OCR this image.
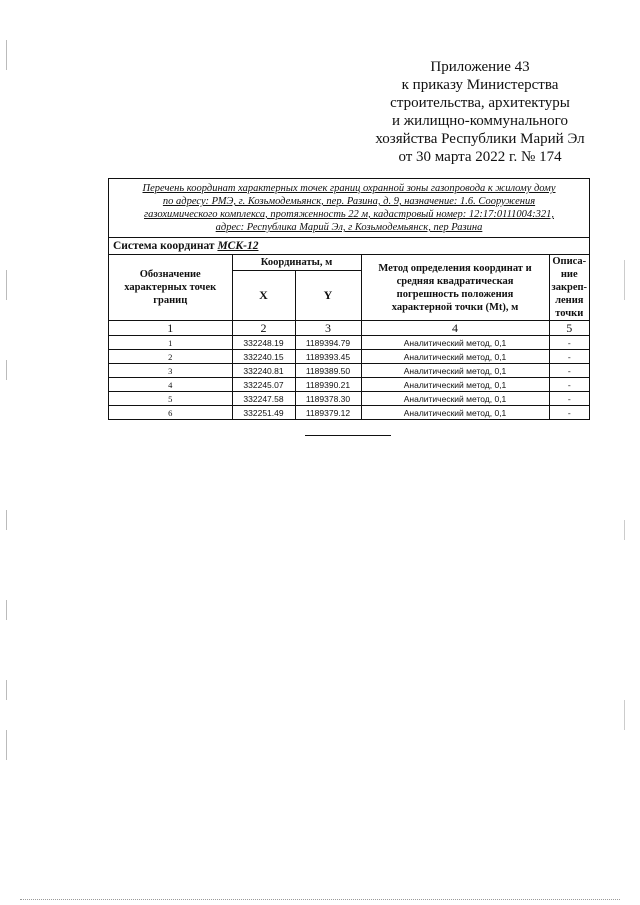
Приложение 43
к приказу Министерства
строительства, архитектуры
и жилищно-коммунального
хозяйства Республики Марий Эл
от 30 марта 2022 г. № 174
Перечень координат характерных точек границ охранной зоны газопровода к жилому дому
по адресу: РМЭ, г. Козьмодемьянск, пер. Разина, д. 9, назначение: 1.6. Сооружения
газохимического комплекса, протяженность 22 м, кадастровый номер: 12:17:0111004:321,
адрес: Республика Марий Эл, г Козьмодемьянск, пер Разина
Система координат МСК-12
Обозначение характерных точек границ	Координаты, м		Метод определения координат и средняя квадратическая погрешность положения характерной точки (Mt), м	Описа-ние закреп-ления точки
	X	Y		
1	2	3	4	5
1	332248.19	1189394.79	Аналитический метод, 0,1	-
2	332240.15	1189393.45	Аналитический метод, 0,1	-
3	332240.81	1189389.50	Аналитический метод, 0,1	-
4	332245.07	1189390.21	Аналитический метод, 0,1	-
5	332247.58	1189378.30	Аналитический метод, 0,1	-
6	332251.49	1189379.12	Аналитический метод, 0,1	-
